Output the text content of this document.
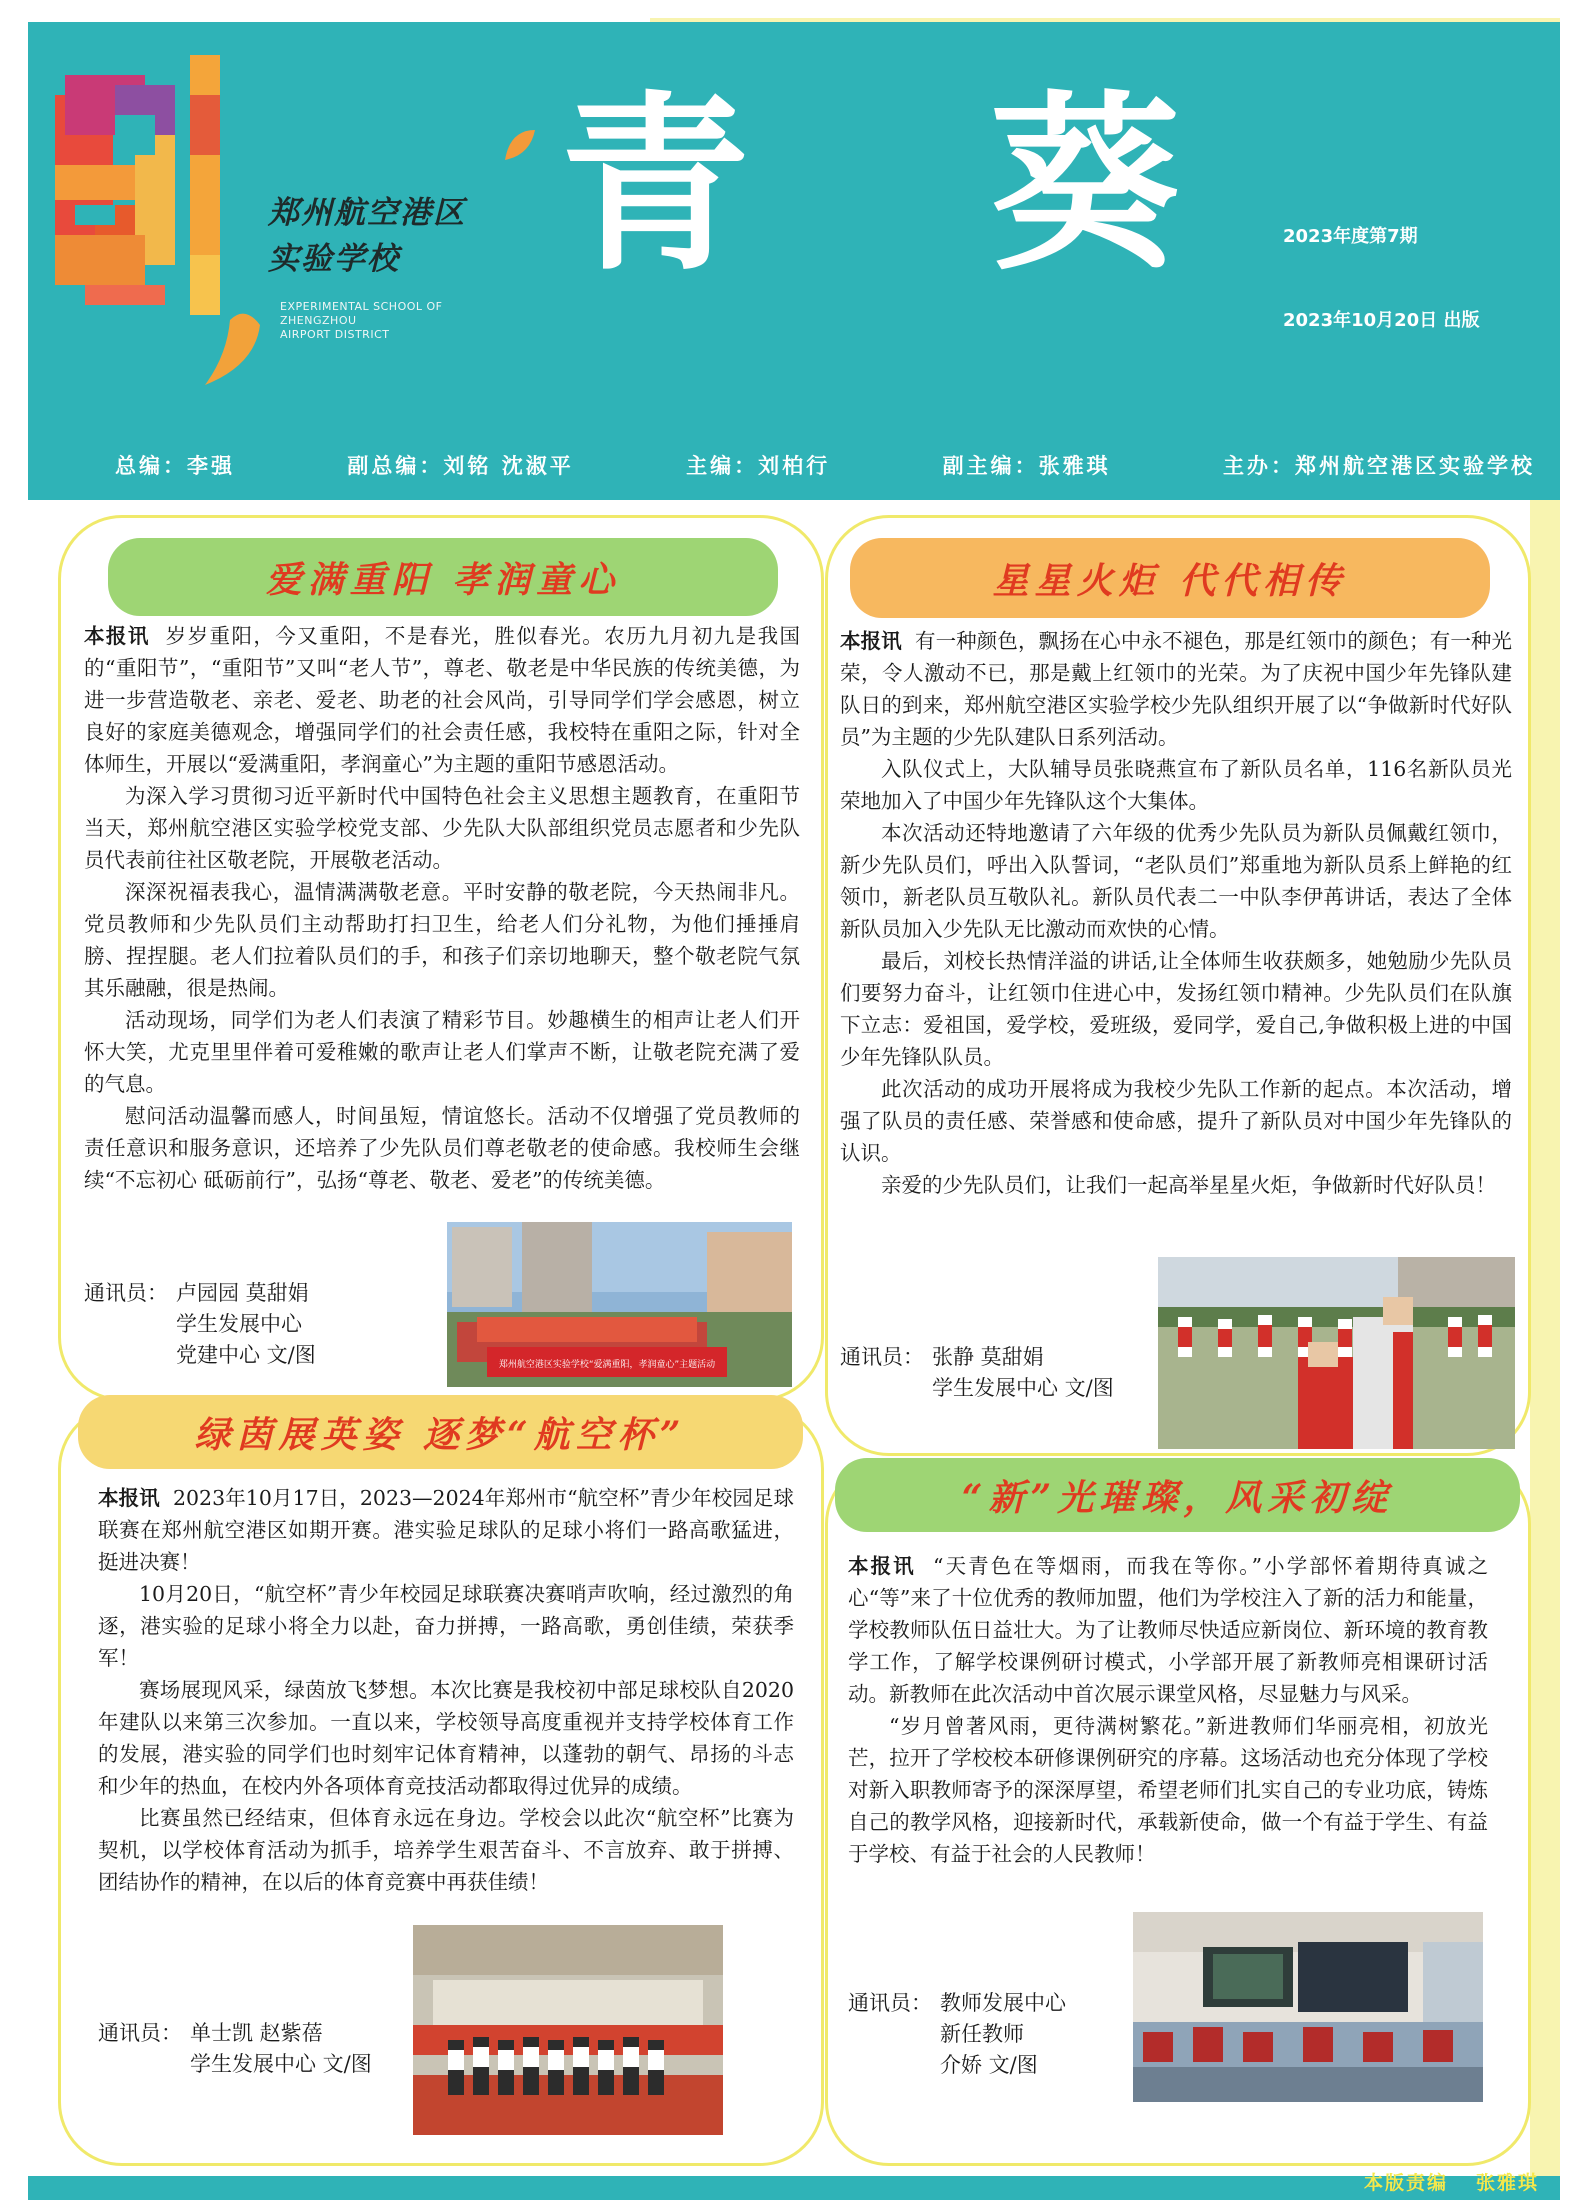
郑州航空港区
实验学校
EXPERIMENTAL SCHOOL OF
ZHENGZHOU
AIRPORT DISTRICT
青 葵	2023年度第7期
2023年10月20日 出版
总编：李强	副总编：刘铭 沈淑平	主编：刘柏行	副主编：张雅琪	主办：郑州航空港区实验学校
爱满重阳 孝润童心

本报讯 岁岁重阳，今又重阳，不是春光，胜似春光。农历九月初九是我国的“重阳节”，“重阳节”又叫“老人节”，尊老、敬老是中华民族的传统美德，为进一步营造敬老、亲老、爱老、助老的社会风尚，引导同学们学会感恩，树立良好的家庭美德观念，增强同学们的社会责任感，我校特在重阳之际，针对全体师生，开展以“爱满重阳，孝润童心”为主题的重阳节感恩活动。

为深入学习贯彻习近平新时代中国特色社会主义思想主题教育，在重阳节当天，郑州航空港区实验学校党支部、少先队大队部组织党员志愿者和少先队员代表前往社区敬老院，开展敬老活动。

深深祝福表我心，温情满满敬老意。平时安静的敬老院，今天热闹非凡。党员教师和少先队员们主动帮助打扫卫生，给老人们分礼物，为他们捶捶肩膀、捏捏腿。老人们拉着队员们的手，和孩子们亲切地聊天，整个敬老院气氛其乐融融，很是热闹。

活动现场，同学们为老人们表演了精彩节目。妙趣横生的相声让老人们开怀大笑，尤克里里伴着可爱稚嫩的歌声让老人们掌声不断，让敬老院充满了爱的气息。

慰问活动温馨而感人，时间虽短，情谊悠长。活动不仅增强了党员教师的责任意识和服务意识，还培养了少先队员们尊老敬老的使命感。我校师生会继续“不忘初心 砥砺前行”，弘扬“尊老、敬老、爱老”的传统美德。

通讯员： 卢园园 莫甜娟
学生发展中心
党建中心 文/图	郑州航空港区实验学校“爱满重阳，孝润童心”主题活动
绿茵展英姿 逐梦“航空杯”

本报讯 2023年10月17日，2023—2024年郑州市“航空杯”青少年校园足球联赛在郑州航空港区如期开赛。港实验足球队的足球小将们一路高歌猛进，挺进决赛！

10月20日，“航空杯”青少年校园足球联赛决赛哨声吹响，经过激烈的角逐，港实验的足球小将全力以赴，奋力拼搏，一路高歌，勇创佳绩，荣获季军！

赛场展现风采，绿茵放飞梦想。本次比赛是我校初中部足球校队自2020年建队以来第三次参加。一直以来，学校领导高度重视并支持学校体育工作的发展，港实验的同学们也时刻牢记体育精神，以蓬勃的朝气、昂扬的斗志和少年的热血，在校内外各项体育竞技活动都取得过优异的成绩。

比赛虽然已经结束，但体育永远在身边。学校会以此次“航空杯”比赛为契机，以学校体育活动为抓手，培养学生艰苦奋斗、不言放弃、敢于拼搏、团结协作的精神，在以后的体育竞赛中再获佳绩！

通讯员： 单士凯 赵紫蓓
学生发展中心 文/图
星星火炬 代代相传

本报讯 有一种颜色，飘扬在心中永不褪色，那是红领巾的颜色；有一种光荣，令人激动不已，那是戴上红领巾的光荣。为了庆祝中国少年先锋队建队日的到来，郑州航空港区实验学校少先队组织开展了以“争做新时代好队员”为主题的少先队建队日系列活动。

入队仪式上，大队辅导员张晓燕宣布了新队员名单，116名新队员光荣地加入了中国少年先锋队这个大集体。

本次活动还特地邀请了六年级的优秀少先队员为新队员佩戴红领巾，新少先队员们，呼出入队誓词，“老队员们”郑重地为新队员系上鲜艳的红领巾，新老队员互敬队礼。新队员代表二一中队李伊苒讲话，表达了全体新队员加入少先队无比激动而欢快的心情。

最后，刘校长热情洋溢的讲话,让全体师生收获颇多，她勉励少先队员们要努力奋斗，让红领巾住进心中，发扬红领巾精神。少先队员们在队旗下立志：爱祖国，爱学校，爱班级，爱同学，爱自己,争做积极上进的中国少年先锋队队员。

此次活动的成功开展将成为我校少先队工作新的起点。本次活动，增强了队员的责任感、荣誉感和使命感，提升了新队员对中国少年先锋队的认识。

亲爱的少先队员们，让我们一起高举星星火炬，争做新时代好队员！

通讯员： 张静 莫甜娟
学生发展中心 文/图
“新”光璀璨，风采初绽

本报讯 “天青色在等烟雨，而我在等你。”小学部怀着期待真诚之心“等”来了十位优秀的教师加盟，他们为学校注入了新的活力和能量，学校教师队伍日益壮大。为了让教师尽快适应新岗位、新环境的教育教学工作，了解学校课例研讨模式，小学部开展了新教师亮相课研讨活动。新教师在此次活动中首次展示课堂风格，尽显魅力与风采。

“岁月曾著风雨，更待满树繁花。”新进教师们华丽亮相，初放光芒，拉开了学校校本研修课例研究的序幕。这场活动也充分体现了学校对新入职教师寄予的深深厚望，希望老师们扎实自己的专业功底，铸炼自己的教学风格，迎接新时代，承载新使命，做一个有益于学生、有益于学校、有益于社会的人民教师！

通讯员： 教师发展中心
新任教师
介娇 文/图
本版责编 张雅琪
